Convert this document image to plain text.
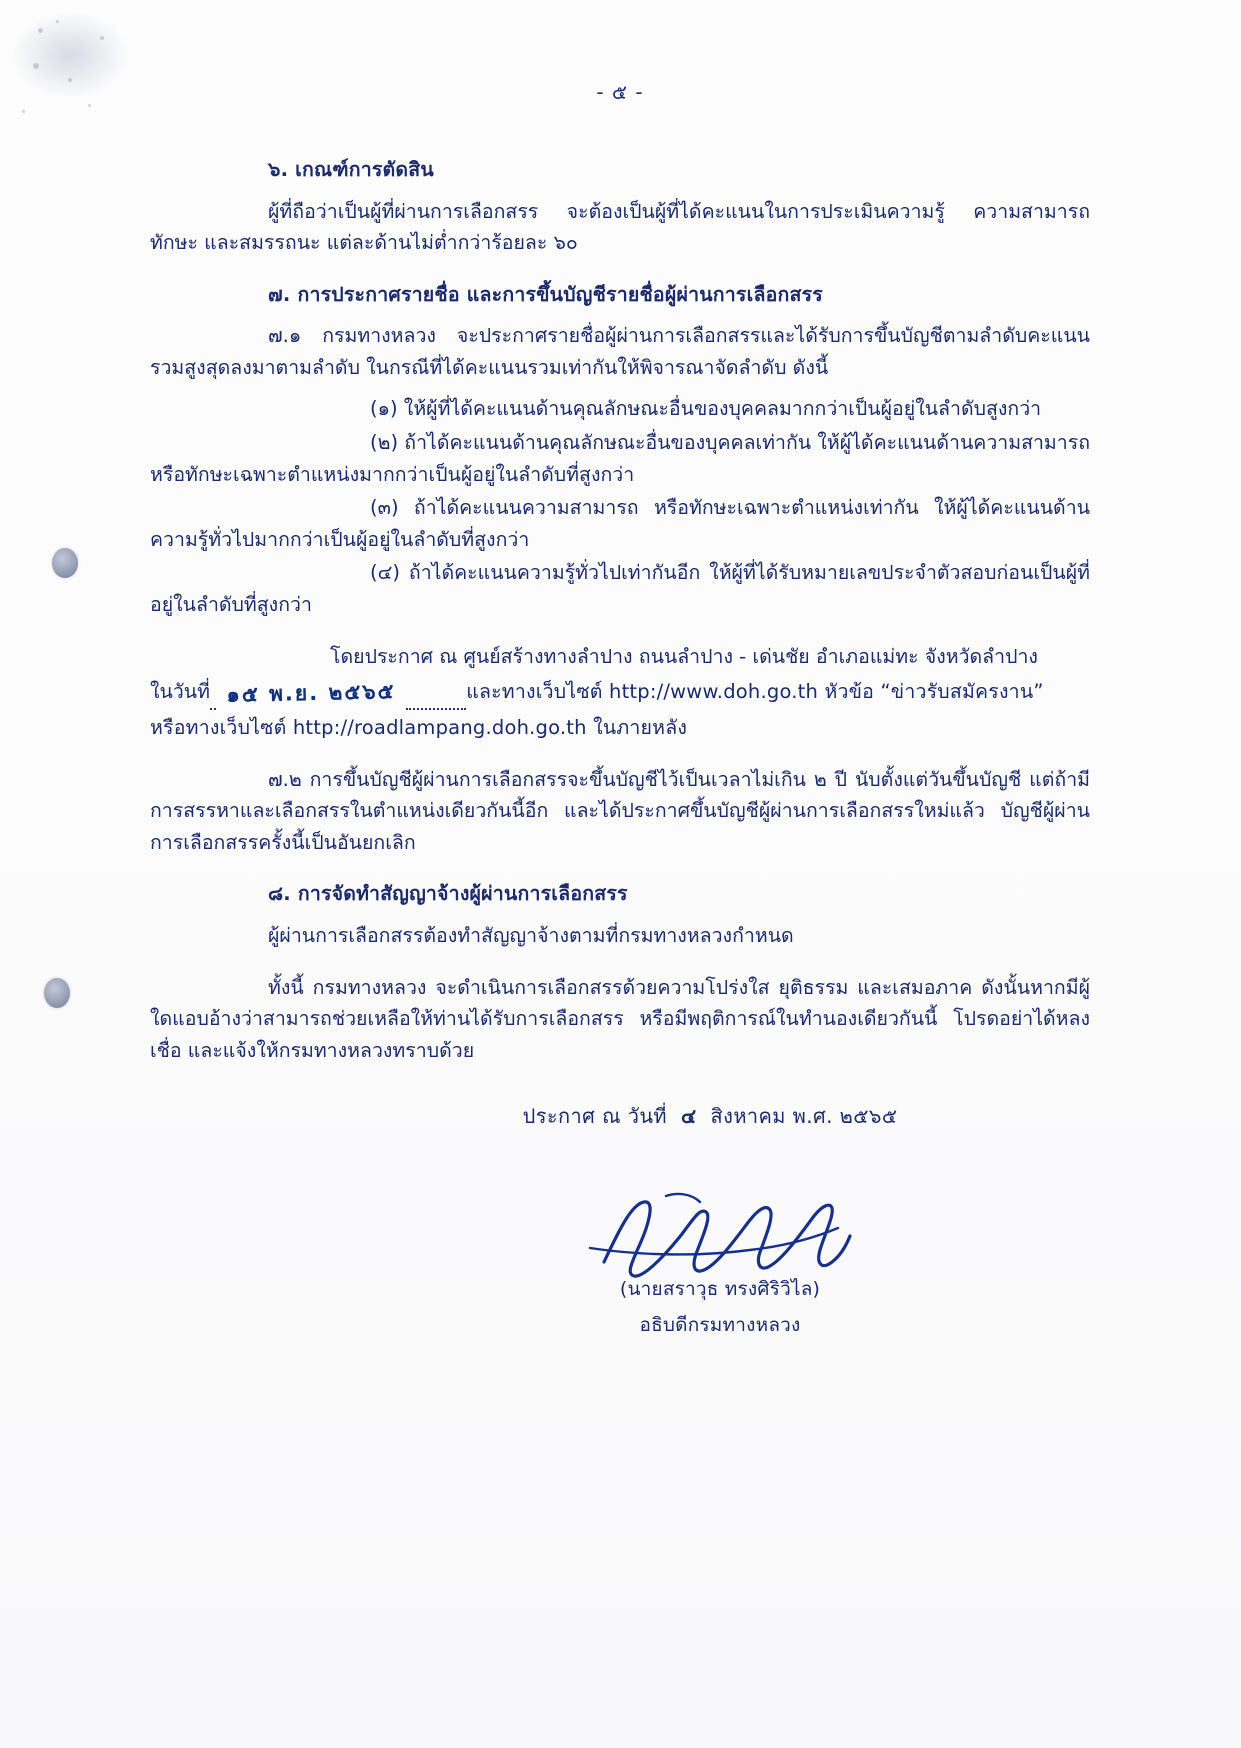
- ๕ -

๖. เกณฑ์การตัดสิน

ผู้ที่ถือว่าเป็นผู้ที่ผ่านการเลือกสรร จะต้องเป็นผู้ที่ได้คะแนนในการประเมินความรู้ ความสามารถ ทักษะ และสมรรถนะ แต่ละด้านไม่ต่ำกว่าร้อยละ ๖๐

๗. การประกาศรายชื่อ และการขึ้นบัญชีรายชื่อผู้ผ่านการเลือกสรร

๗.๑ กรมทางหลวง จะประกาศรายชื่อผู้ผ่านการเลือกสรรและได้รับการขึ้นบัญชีตามลำดับคะแนนรวมสูงสุดลงมาตามลำดับ ในกรณีที่ได้คะแนนรวมเท่ากันให้พิจารณาจัดลำดับ ดังนี้

(๑) ให้ผู้ที่ได้คะแนนด้านคุณลักษณะอื่นของบุคคลมากกว่าเป็นผู้อยู่ในลำดับสูงกว่า

(๒) ถ้าได้คะแนนด้านคุณลักษณะอื่นของบุคคลเท่ากัน ให้ผู้ได้คะแนนด้านความสามารถหรือทักษะเฉพาะตำแหน่งมากกว่าเป็นผู้อยู่ในลำดับที่สูงกว่า

(๓) ถ้าได้คะแนนความสามารถ หรือทักษะเฉพาะตำแหน่งเท่ากัน ให้ผู้ได้คะแนนด้านความรู้ทั่วไปมากกว่าเป็นผู้อยู่ในลำดับที่สูงกว่า

(๔) ถ้าได้คะแนนความรู้ทั่วไปเท่ากันอีก ให้ผู้ที่ได้รับหมายเลขประจำตัวสอบก่อนเป็นผู้ที่อยู่ในลำดับที่สูงกว่า

โดยประกาศ ณ ศูนย์สร้างทางลำปาง ถนนลำปาง - เด่นชัย อำเภอแม่ทะ จังหวัดลำปาง

ในวันที่ ๑๕ พ.ย. ๒๕๖๕	และทางเว็บไซต์ http://www.doh.go.th หัวข้อ “ข่าวรับสมัครงาน”

หรือทางเว็บไซต์ http://roadlampang.doh.go.th ในภายหลัง

๗.๒ การขึ้นบัญชีผู้ผ่านการเลือกสรรจะขึ้นบัญชีไว้เป็นเวลาไม่เกิน ๒ ปี นับตั้งแต่วันขึ้นบัญชี แต่ถ้ามีการสรรหาและเลือกสรรในตำแหน่งเดียวกันนี้อีก และได้ประกาศขึ้นบัญชีผู้ผ่านการเลือกสรรใหม่แล้ว บัญชีผู้ผ่านการเลือกสรรครั้งนี้เป็นอันยกเลิก

๘. การจัดทำสัญญาจ้างผู้ผ่านการเลือกสรร

ผู้ผ่านการเลือกสรรต้องทำสัญญาจ้างตามที่กรมทางหลวงกำหนด

ทั้งนี้ กรมทางหลวง จะดำเนินการเลือกสรรด้วยความโปร่งใส ยุติธรรม และเสมอภาค ดังนั้นหากมีผู้ใดแอบอ้างว่าสามารถช่วยเหลือให้ท่านได้รับการเลือกสรร หรือมีพฤติการณ์ในทำนองเดียวกันนี้ โปรดอย่าได้หลงเชื่อ และแจ้งให้กรมทางหลวงทราบด้วย

ประกาศ ณ วันที่ ๔ สิงหาคม พ.ศ. ๒๕๖๕
(นายสราวุธ ทรงศิริวิไล)
อธิบดีกรมทางหลวง
